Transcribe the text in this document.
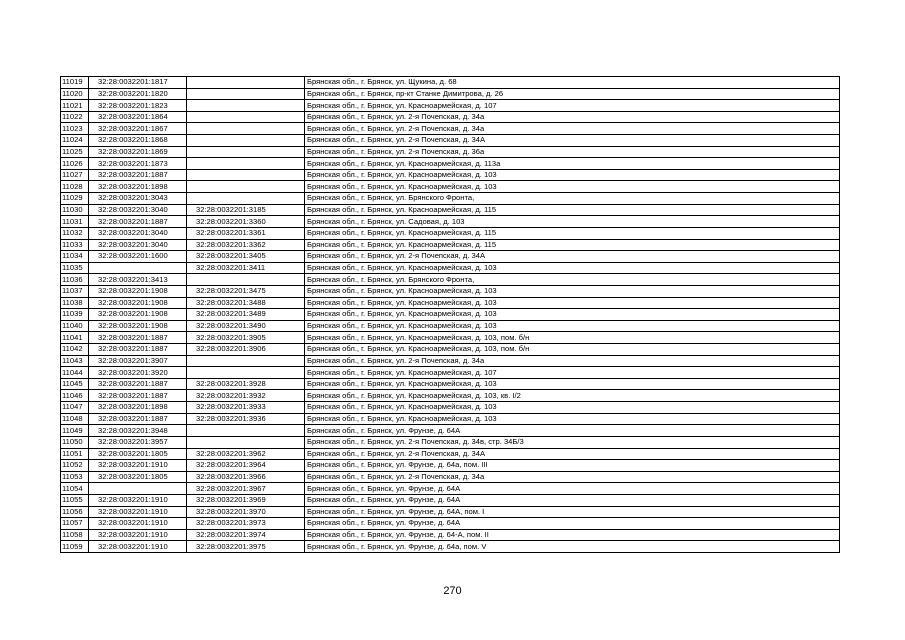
11019	32:28:0032201:1817		Брянская обл., г. Брянск, ул. Щукина, д. 68
11020	32:28:0032201:1820		Брянская обл., г. Брянск, пр-кт Станке Димитрова, д. 26
11021	32:28:0032201:1823		Брянская обл., г. Брянск, ул. Красноармейская, д. 107
11022	32:28:0032201:1864		Брянская обл., г. Брянск, ул. 2-я Почепская, д. 34а
11023	32:28:0032201:1867		Брянская обл., г. Брянск, ул. 2-я Почепская, д. 34а
11024	32:28:0032201:1868		Брянская обл., г. Брянск, ул. 2-я Почепская, д. 34А
11025	32:28:0032201:1869		Брянская обл., г. Брянск, ул. 2-я Почепская, д. 36а
11026	32:28:0032201:1873		Брянская обл., г. Брянск, ул. Красноармейская, д. 113а
11027	32:28:0032201:1887		Брянская обл., г. Брянск, ул. Красноармейская, д. 103
11028	32:28:0032201:1898		Брянская обл., г. Брянск, ул. Красноармейская, д. 103
11029	32:28:0032201:3043		Брянская обл., г. Брянск, ул. Брянского Фронта,
11030	32:28:0032201:3040	32:28:0032201:3185	Брянская обл., г. Брянск, ул. Красноармейская, д. 115
11031	32:28:0032201:1887	32:28:0032201:3360	Брянская обл., г. Брянск, ул. Садовая, д. 103
11032	32:28:0032201:3040	32:28:0032201:3361	Брянская обл., г. Брянск, ул. Красноармейская, д. 115
11033	32:28:0032201:3040	32:28:0032201:3362	Брянская обл., г. Брянск, ул. Красноармейская, д. 115
11034	32:28:0032201:1600	32:28:0032201:3405	Брянская обл., г. Брянск, ул. 2-я Почепская, д. 34А
11035		32:28:0032201:3411	Брянская обл., г. Брянск, ул. Красноармейская, д. 103
11036	32:28:0032201:3413		Брянская обл., г. Брянск, ул. Брянского Фронта,
11037	32:28:0032201:1908	32:28:0032201:3475	Брянская обл., г. Брянск, ул. Красноармейская, д. 103
11038	32:28:0032201:1908	32:28:0032201:3488	Брянская обл., г. Брянск, ул. Красноармейская, д. 103
11039	32:28:0032201:1908	32:28:0032201:3489	Брянская обл., г. Брянск, ул. Красноармейская, д. 103
11040	32:28:0032201:1908	32:28:0032201:3490	Брянская обл., г. Брянск, ул. Красноармейская, д. 103
11041	32:28:0032201:1887	32:28:0032201:3905	Брянская обл., г. Брянск, ул. Красноармейская, д. 103, пом. б/н
11042	32:28:0032201:1887	32:28:0032201:3906	Брянская обл., г. Брянск, ул. Красноармейская, д. 103, пом. б/н
11043	32:28:0032201:3907		Брянская обл., г. Брянск, ул. 2-я Почепская, д. 34а
11044	32:28:0032201:3920		Брянская обл., г. Брянск, ул. Красноармейская, д. 107
11045	32:28:0032201:1887	32:28:0032201:3928	Брянская обл., г. Брянск, ул. Красноармейская, д. 103
11046	32:28:0032201:1887	32:28:0032201:3932	Брянская обл., г. Брянск, ул. Красноармейская, д. 103, кв. I/2
11047	32:28:0032201:1898	32:28:0032201:3933	Брянская обл., г. Брянск, ул. Красноармейская, д. 103
11048	32:28:0032201:1887	32:28:0032201:3936	Брянская обл., г. Брянск, ул. Красноармейская, д. 103
11049	32:28:0032201:3948		Брянская обл., г. Брянск, ул. Фрунзе, д. 64А
11050	32:28:0032201:3957		Брянская обл., г. Брянск, ул. 2-я Почепская, д. 34в, стр. 34Б/3
11051	32:28:0032201:1805	32:28:0032201:3962	Брянская обл., г. Брянск, ул. 2-я Почепская, д. 34А
11052	32:28:0032201:1910	32:28:0032201:3964	Брянская обл., г. Брянск, ул. Фрунзе, д. 64а, пом. III
11053	32:28:0032201:1805	32:28:0032201:3966	Брянская обл., г. Брянск, ул. 2-я Почепская, д. 34а
11054		32:28:0032201:3967	Брянская обл., г. Брянск, ул. Фрунзе, д. 64А
11055	32:28:0032201:1910	32:28:0032201:3969	Брянская обл., г. Брянск, ул. Фрунзе, д. 64А
11056	32:28:0032201:1910	32:28:0032201:3970	Брянская обл., г. Брянск, ул. Фрунзе, д. 64А, пом. I
11057	32:28:0032201:1910	32:28:0032201:3973	Брянская обл., г. Брянск, ул. Фрунзе, д. 64А
11058	32:28:0032201:1910	32:28:0032201:3974	Брянская обл., г. Брянск, ул. Фрунзе, д. 64-А, пом. II
11059	32:28:0032201:1910	32:28:0032201:3975	Брянская обл., г. Брянск, ул. Фрунзе, д. 64а, пом. V
270
